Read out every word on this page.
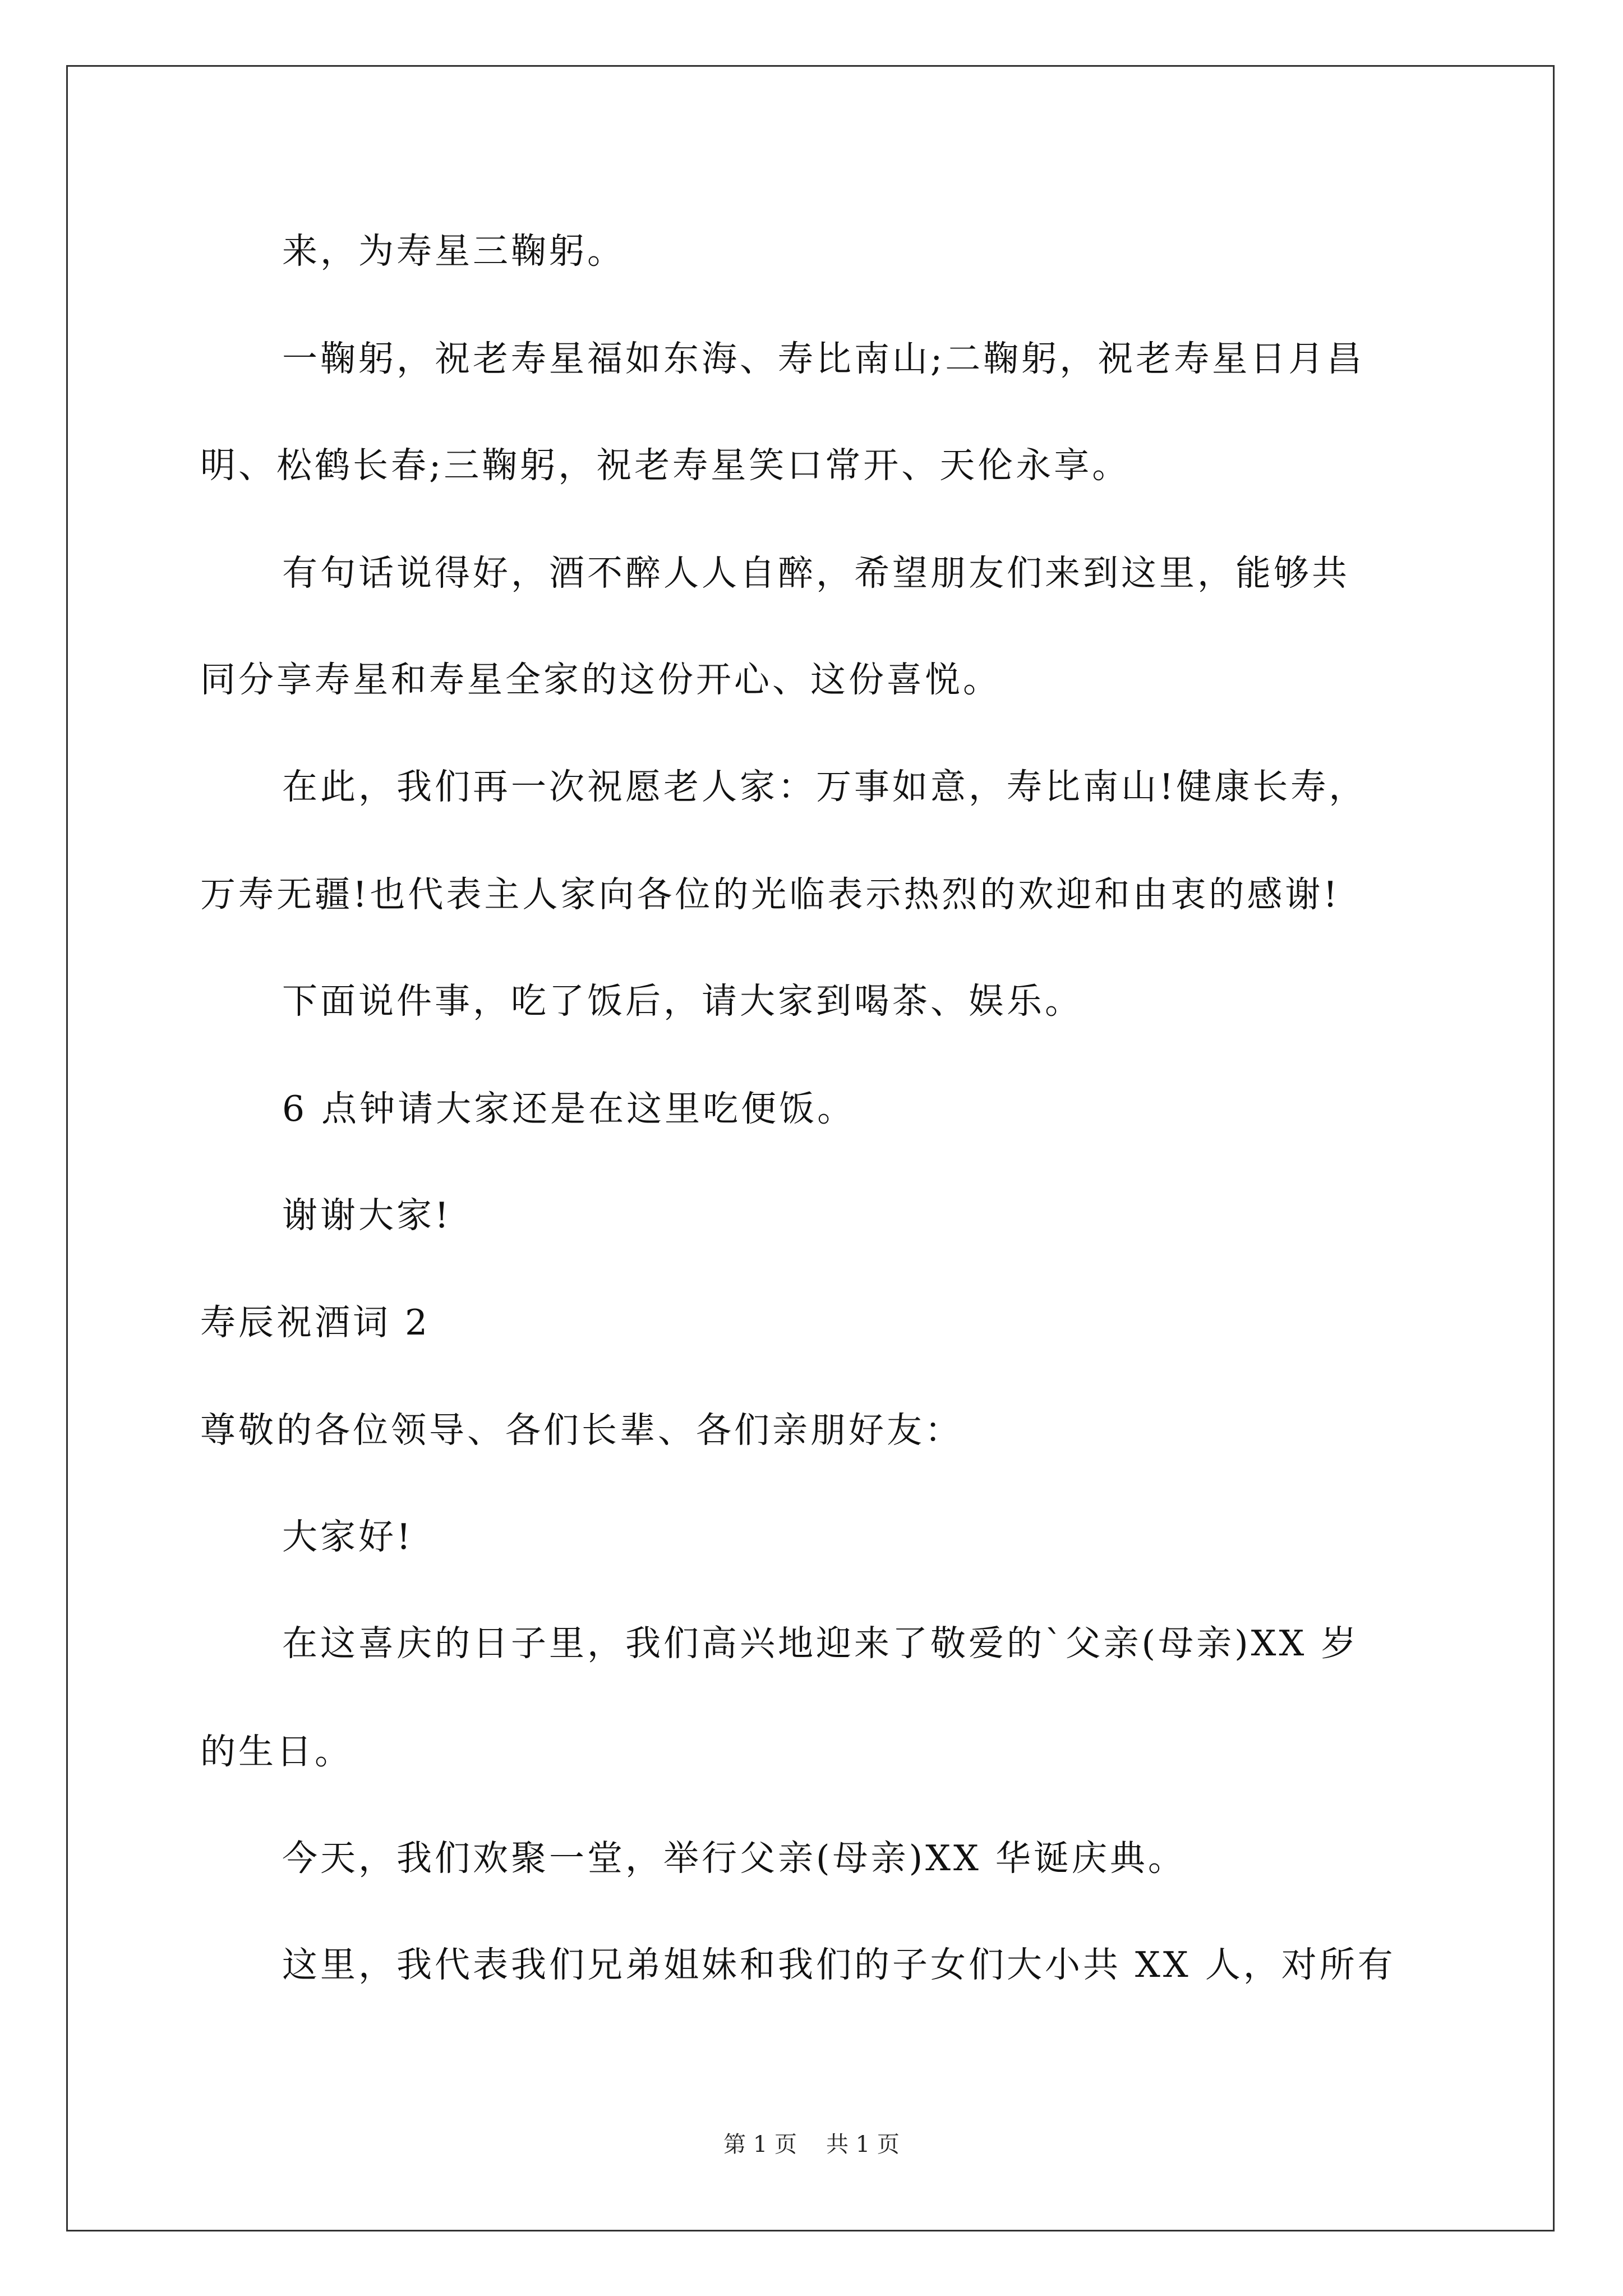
来，为寿星三鞠躬。
一鞠躬，祝老寿星福如东海、寿比南山;二鞠躬，祝老寿星日月昌
明、松鹤长春;三鞠躬，祝老寿星笑口常开、天伦永享。
有句话说得好，酒不醉人人自醉，希望朋友们来到这里，能够共
同分享寿星和寿星全家的这份开心、这份喜悦。
在此，我们再一次祝愿老人家：万事如意，寿比南山!健康长寿，
万寿无疆!也代表主人家向各位的光临表示热烈的欢迎和由衷的感谢!
下面说件事，吃了饭后，请大家到喝茶、娱乐。
6 点钟请大家还是在这里吃便饭。
谢谢大家!
寿辰祝酒词 2
尊敬的各位领导、各们长辈、各们亲朋好友：
大家好!
在这喜庆的日子里，我们高兴地迎来了敬爱的`父亲(母亲)XX 岁
的生日。
今天，我们欢聚一堂，举行父亲(母亲)XX 华诞庆典。
这里，我代表我们兄弟姐妹和我们的子女们大小共 XX 人，对所有
第 1 页 共 1 页
